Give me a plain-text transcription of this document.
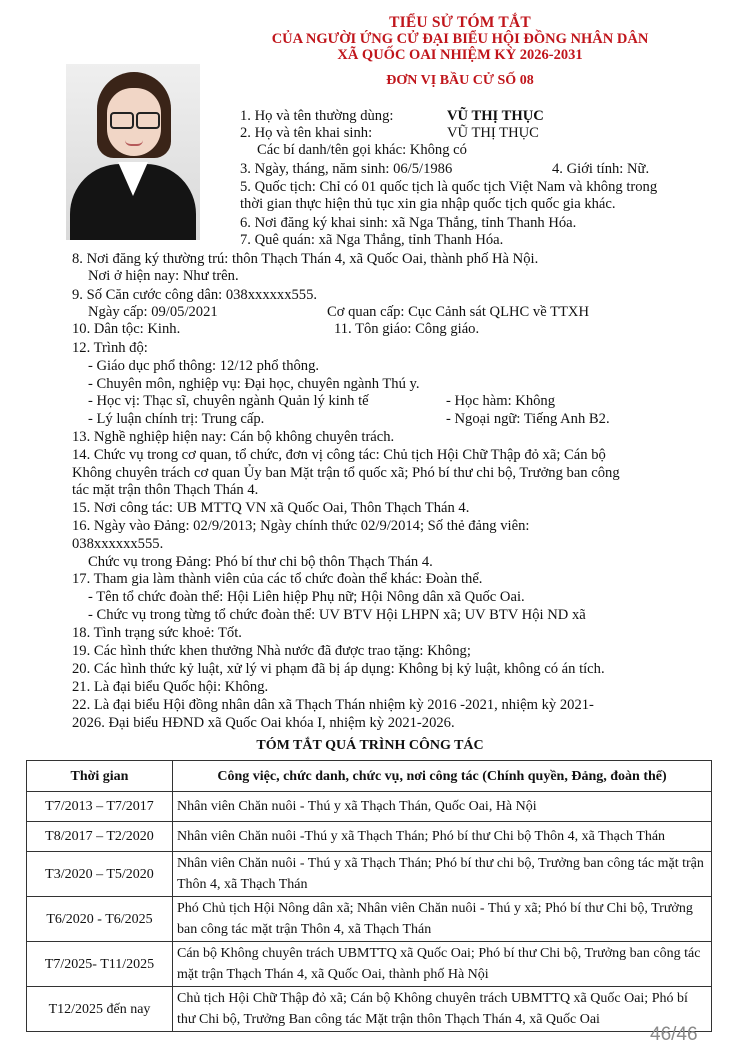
TIỂU SỬ TÓM TẮT
CỦA NGƯỜI ỨNG CỬ ĐẠI BIỂU HỘI ĐỒNG NHÂN DÂN
XÃ QUỐC OAI NHIỆM KỲ 2026-2031
ĐƠN VỊ BẦU CỬ SỐ 08
1. Họ và tên thường dùng:	VŨ THỊ THỤC
2. Họ và tên khai sinh:	VŨ THỊ THỤC
Các bí danh/tên gọi khác: Không có
3. Ngày, tháng, năm sinh: 06/5/1986	4. Giới tính: Nữ.
5. Quốc tịch: Chỉ có 01 quốc tịch là quốc tịch Việt Nam và không trong
thời gian thực hiện thủ tục xin gia nhập quốc tịch quốc gia khác.
6. Nơi đăng ký khai sinh: xã Nga Thắng, tỉnh Thanh Hóa.
7. Quê quán: xã Nga Thắng, tỉnh Thanh Hóa.
8. Nơi đăng ký thường trú: thôn Thạch Thán 4, xã Quốc Oai, thành phố Hà Nội.
Nơi ở hiện nay: Như trên.
9. Số Căn cước công dân: 038xxxxxx555.
Ngày cấp: 09/05/2021	Cơ quan cấp: Cục Cảnh sát QLHC về TTXH
10. Dân tộc: Kinh.	11. Tôn giáo: Công giáo.
12. Trình độ:
- Giáo dục phổ thông: 12/12 phổ thông.
- Chuyên môn, nghiệp vụ: Đại học, chuyên ngành Thú y.
- Học vị: Thạc sĩ, chuyên ngành Quản lý kinh tế	- Học hàm: Không
- Lý luận chính trị: Trung cấp.	- Ngoại ngữ: Tiếng Anh B2.
13. Nghề nghiệp hiện nay: Cán bộ không chuyên trách.
14. Chức vụ trong cơ quan, tổ chức, đơn vị công tác: Chủ tịch Hội Chữ Thập đỏ xã; Cán bộ
Không chuyên trách cơ quan Ủy ban Mặt trận tổ quốc xã; Phó bí thư chi bộ, Trưởng ban công
tác mặt trận thôn Thạch Thán 4.
15. Nơi công tác: UB MTTQ VN xã Quốc Oai, Thôn Thạch Thán 4.
16. Ngày vào Đảng: 02/9/2013; Ngày chính thức 02/9/2014; Số thẻ đảng viên:
038xxxxxx555.
Chức vụ trong Đảng: Phó bí thư chi bộ thôn Thạch Thán 4.
17. Tham gia làm thành viên của các tổ chức đoàn thể khác: Đoàn thể.
- Tên tổ chức đoàn thể: Hội Liên hiệp Phụ nữ; Hội Nông dân xã Quốc Oai.
- Chức vụ trong từng tổ chức đoàn thể: UV BTV Hội LHPN xã; UV BTV Hội ND xã
18. Tình trạng sức khoẻ: Tốt.
19. Các hình thức khen thưởng Nhà nước đã được trao tặng: Không;
20. Các hình thức kỷ luật, xử lý vi phạm đã bị áp dụng: Không bị kỷ luật, không có án tích.
21. Là đại biểu Quốc hội: Không.
22. Là đại biểu Hội đồng nhân dân xã Thạch Thán nhiệm kỳ 2016 -2021, nhiệm kỳ 2021-
2026. Đại biểu HĐND xã Quốc Oai khóa I, nhiệm kỳ 2021-2026.
TÓM TẮT QUÁ TRÌNH CÔNG TÁC
Thời gian	Công việc, chức danh, chức vụ, nơi công tác (Chính quyền, Đảng, đoàn thể)
T7/2013 – T7/2017	Nhân viên Chăn nuôi - Thú y xã Thạch Thán, Quốc Oai, Hà Nội
T8/2017 – T2/2020	Nhân viên Chăn nuôi -Thú y xã Thạch Thán; Phó bí thư Chi bộ Thôn 4, xã Thạch Thán
T3/2020 – T5/2020	Nhân viên Chăn nuôi - Thú y xã Thạch Thán; Phó bí thư chi bộ, Trưởng ban công tác mặt trận Thôn 4, xã Thạch Thán
T6/2020 - T6/2025	Phó Chủ tịch Hội Nông dân xã; Nhân viên Chăn nuôi - Thú y xã; Phó bí thư Chi bộ, Trưởng ban công tác mặt trận Thôn 4, xã Thạch Thán
T7/2025- T11/2025	Cán bộ Không chuyên trách UBMTTQ xã Quốc Oai; Phó bí thư Chi bộ, Trưởng ban công tác mặt trận Thạch Thán 4, xã Quốc Oai, thành phố Hà Nội
T12/2025 đến nay	Chủ tịch Hội Chữ Thập đỏ xã; Cán bộ Không chuyên trách UBMTTQ xã Quốc Oai; Phó bí thư Chi bộ, Trưởng Ban công tác Mặt trận thôn Thạch Thán 4, xã Quốc Oai
46/46
